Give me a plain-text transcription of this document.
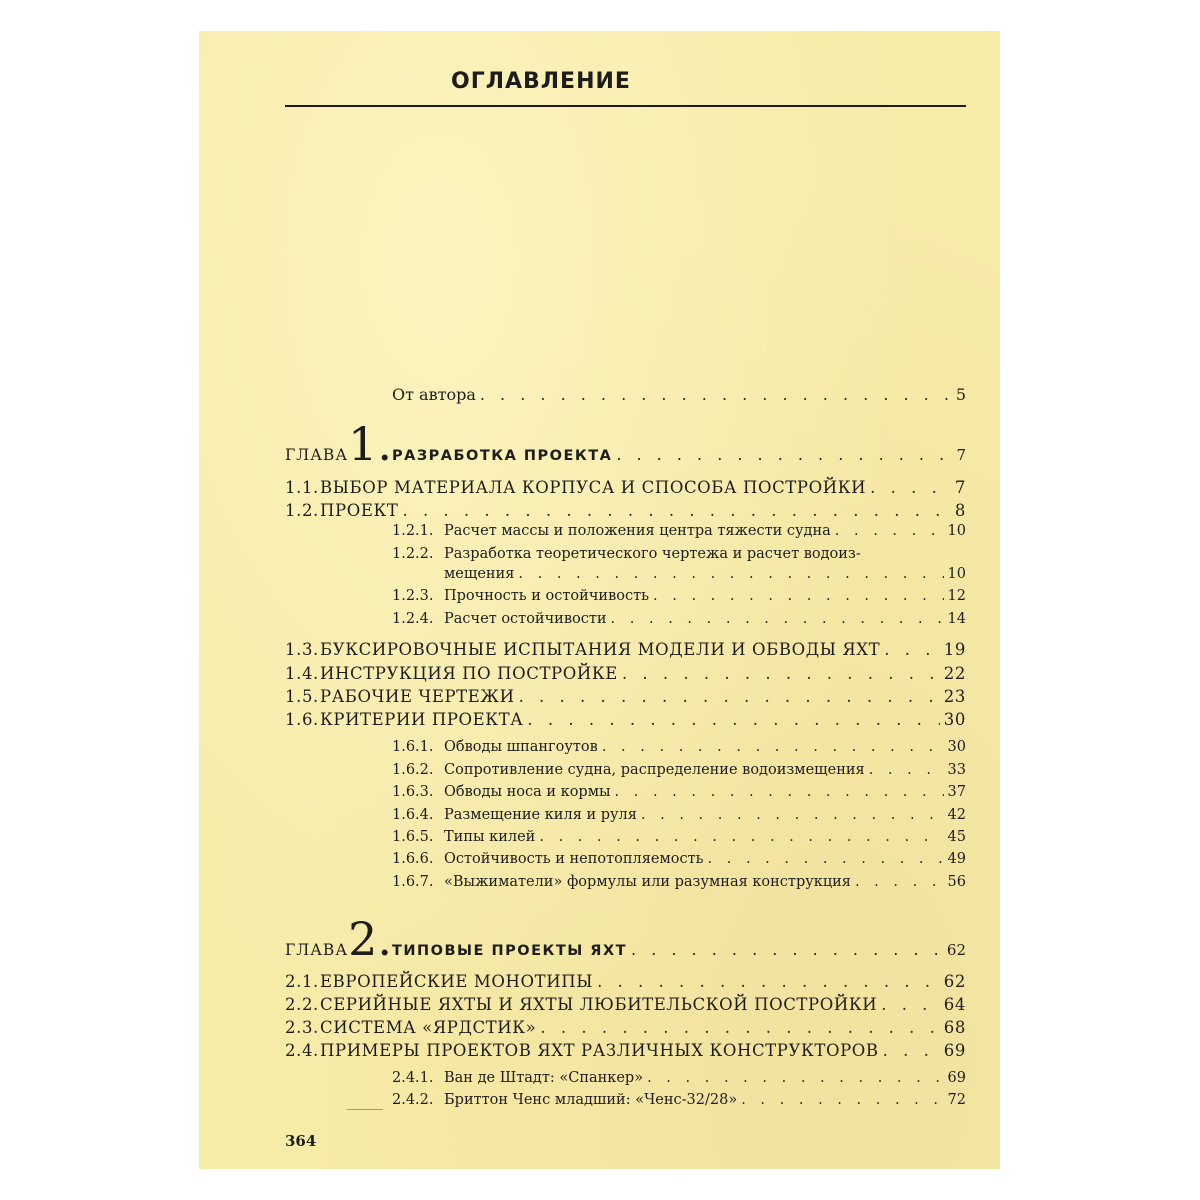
ОГЛАВЛЕНИЕ
От автора . . .	5
ГЛАВА 1. РАЗРАБОТКА ПРОЕКТА . . .	7
1.1. ВЫБОР МАТЕРИАЛА КОРПУСА И СПОСОБА ПОСТРОЙКИ . . .	7
1.2. ПРОЕКТ . . .	8
1.2.1. Расчет массы и положения центра тяжести судна . . .	10
1.2.2. Разработка теоретического чертежа и расчет водоиз-
мещения . . .	10
1.2.3. Прочность и остойчивость . . .	12
1.2.4. Расчет остойчивости . . .	14
1.3. БУКСИРОВОЧНЫЕ ИСПЫТАНИЯ МОДЕЛИ И ОБВОДЫ ЯХТ . . .	19
1.4. ИНСТРУКЦИЯ ПО ПОСТРОЙКЕ . . .	22
1.5. РАБОЧИЕ ЧЕРТЕЖИ . . .	23
1.6. КРИТЕРИИ ПРОЕКТА . . .	30
1.6.1. Обводы шпангоутов . . .	30
1.6.2. Сопротивление судна, распределение водоизмещения . . .	33
1.6.3. Обводы носа и кормы . . .	37
1.6.4. Размещение киля и руля . . .	42
1.6.5. Типы килей . . .	45
1.6.6. Остойчивость и непотопляемость . . .	49
1.6.7. «Выжиматели» формулы или разумная конструкция . . .	56
ГЛАВА 2. ТИПОВЫЕ ПРОЕКТЫ ЯХТ . . .	62
2.1. ЕВРОПЕЙСКИЕ МОНОТИПЫ . . .	62
2.2. СЕРИЙНЫЕ ЯХТЫ И ЯХТЫ ЛЮБИТЕЛЬСКОЙ ПОСТРОЙКИ . . .	64
2.3. СИСТЕМА «ЯРДСТИК» . . .	68
2.4. ПРИМЕРЫ ПРОЕКТОВ ЯХТ РАЗЛИЧНЫХ КОНСТРУКТОРОВ . . .	69
2.4.1. Ван де Штадт: «Спанкер» . . .	69
2.4.2. Бриттон Ченс младший: «Ченс-32/28» . . .	72
364
